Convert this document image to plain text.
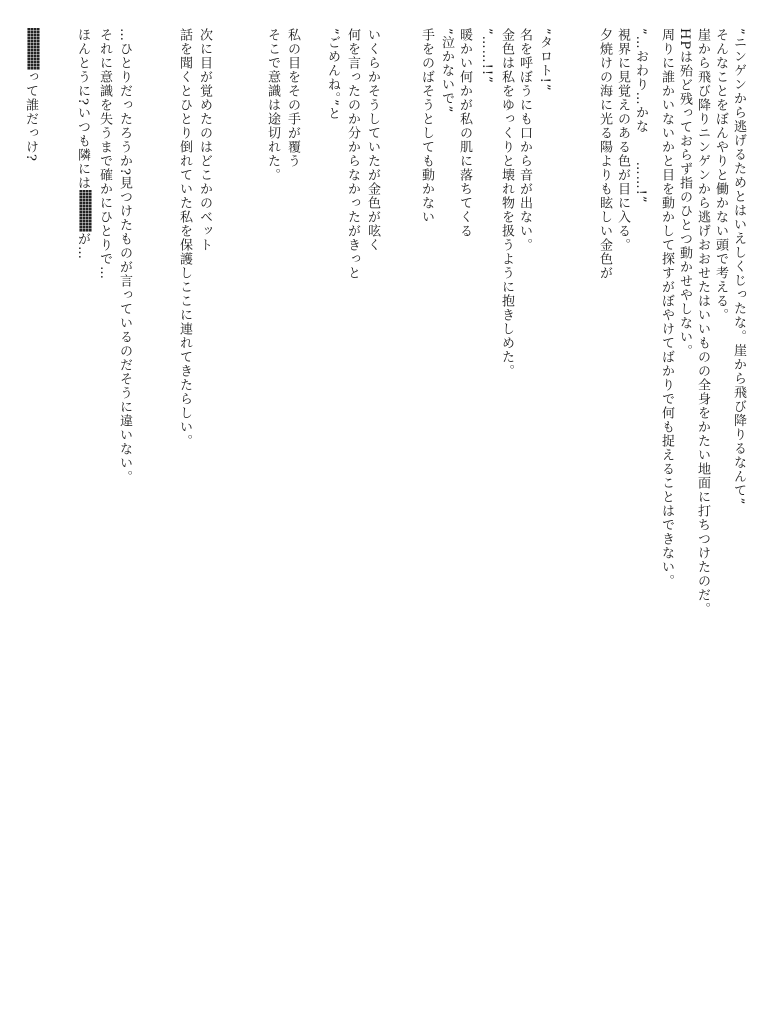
”ニンゲンから逃げるためとはいえしくじったな。崖から飛び降りるなんて”
そんなことをぼんやりと働かない頭で考える。
崖から飛び降りニンゲンから逃げおおせたはいいものの全身をかたい地面に打ちつけたのだ。
HPは殆ど残っておらず指のひとつ動かせやしない。
周りに誰かいないかと目を動かして探すがぼやけてばかりで何も捉えることはできない。
”…おわり…かな　　……!”
視界に見覚えのある色が目に入る。
夕焼けの海に光る陽よりも眩しい金色が
”タロト!”
名を呼ぼうにも口から音が出ない。
金色は私をゆっくりと壊れ物を扱うように抱きしめた。
”……!!”
暖かい何かが私の肌に落ちてくる
”泣かないで”
手をのばそうとしても動かない
いくらかそうしていたが金色が呟く
何を言ったのか分からなかったがきっと
”ごめんね。”と
私の目をその手が覆う
そこで意識は途切れた。
次に目が覚めたのはどこかのベット
話を聞くとひとり倒れていた私を保護しここに連れてきたらしい。
…ひとりだったろうか?見つけたものが言っているのだそうに違いない。
それに意識を失うまで確かにひとりで…
ほんとうに?いつも隣にはが…
って誰だっけ?
